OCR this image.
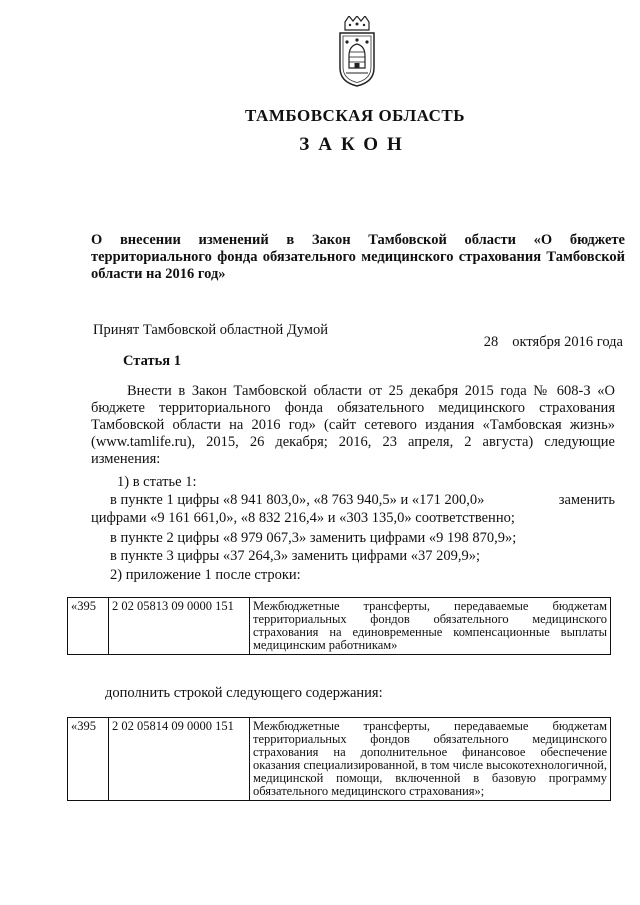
ТАМБОВСКАЯ ОБЛАСТЬ
ЗАКОН
О внесении изменений в Закон Тамбовской области «О бюджете территориального фонда обязательного медицинского страхования Тамбовской области на 2016 год»
Принят Тамбовской областной Думой
28 октября 2016 года
Статья 1
Внести в Закон Тамбовской области от 25 декабря 2015 года № 608-З «О бюджете территориального фонда обязательного медицинского страхования Тамбовской области на 2016 год» (сайт сетевого издания «Тамбовская жизнь» (www.tamlife.ru), 2015, 26 декабря; 2016, 23 апреля, 2 августа) следующие изменения:
1) в статье 1:
в пункте 1 цифры «8 941 803,0», «8 763 940,5» и «171 200,0»	заменить
цифрами «9 161 661,0», «8 832 216,4» и «303 135,0» соответственно;
в пункте 2 цифры «8 979 067,3» заменить цифрами «9 198 870,9»;
в пункте 3 цифры «37 264,3» заменить цифрами «37 209,9»;
2) приложение 1 после строки:
«395	2 02 05813 09 0000 151	Межбюджетные трансферты, передаваемые бюджетам территориальных фондов обязательного медицинского страхования на единовременные компенсационные выплаты медицинским работникам»
дополнить строкой следующего содержания:
«395	2 02 05814 09 0000 151	Межбюджетные трансферты, передаваемые бюджетам территориальных фондов обязательного медицинского страхования на дополнительное финансовое обеспечение оказания специализированной, в том числе высокотехнологичной, медицинской помощи, включенной в базовую программу обязательного медицинского страхования»;
